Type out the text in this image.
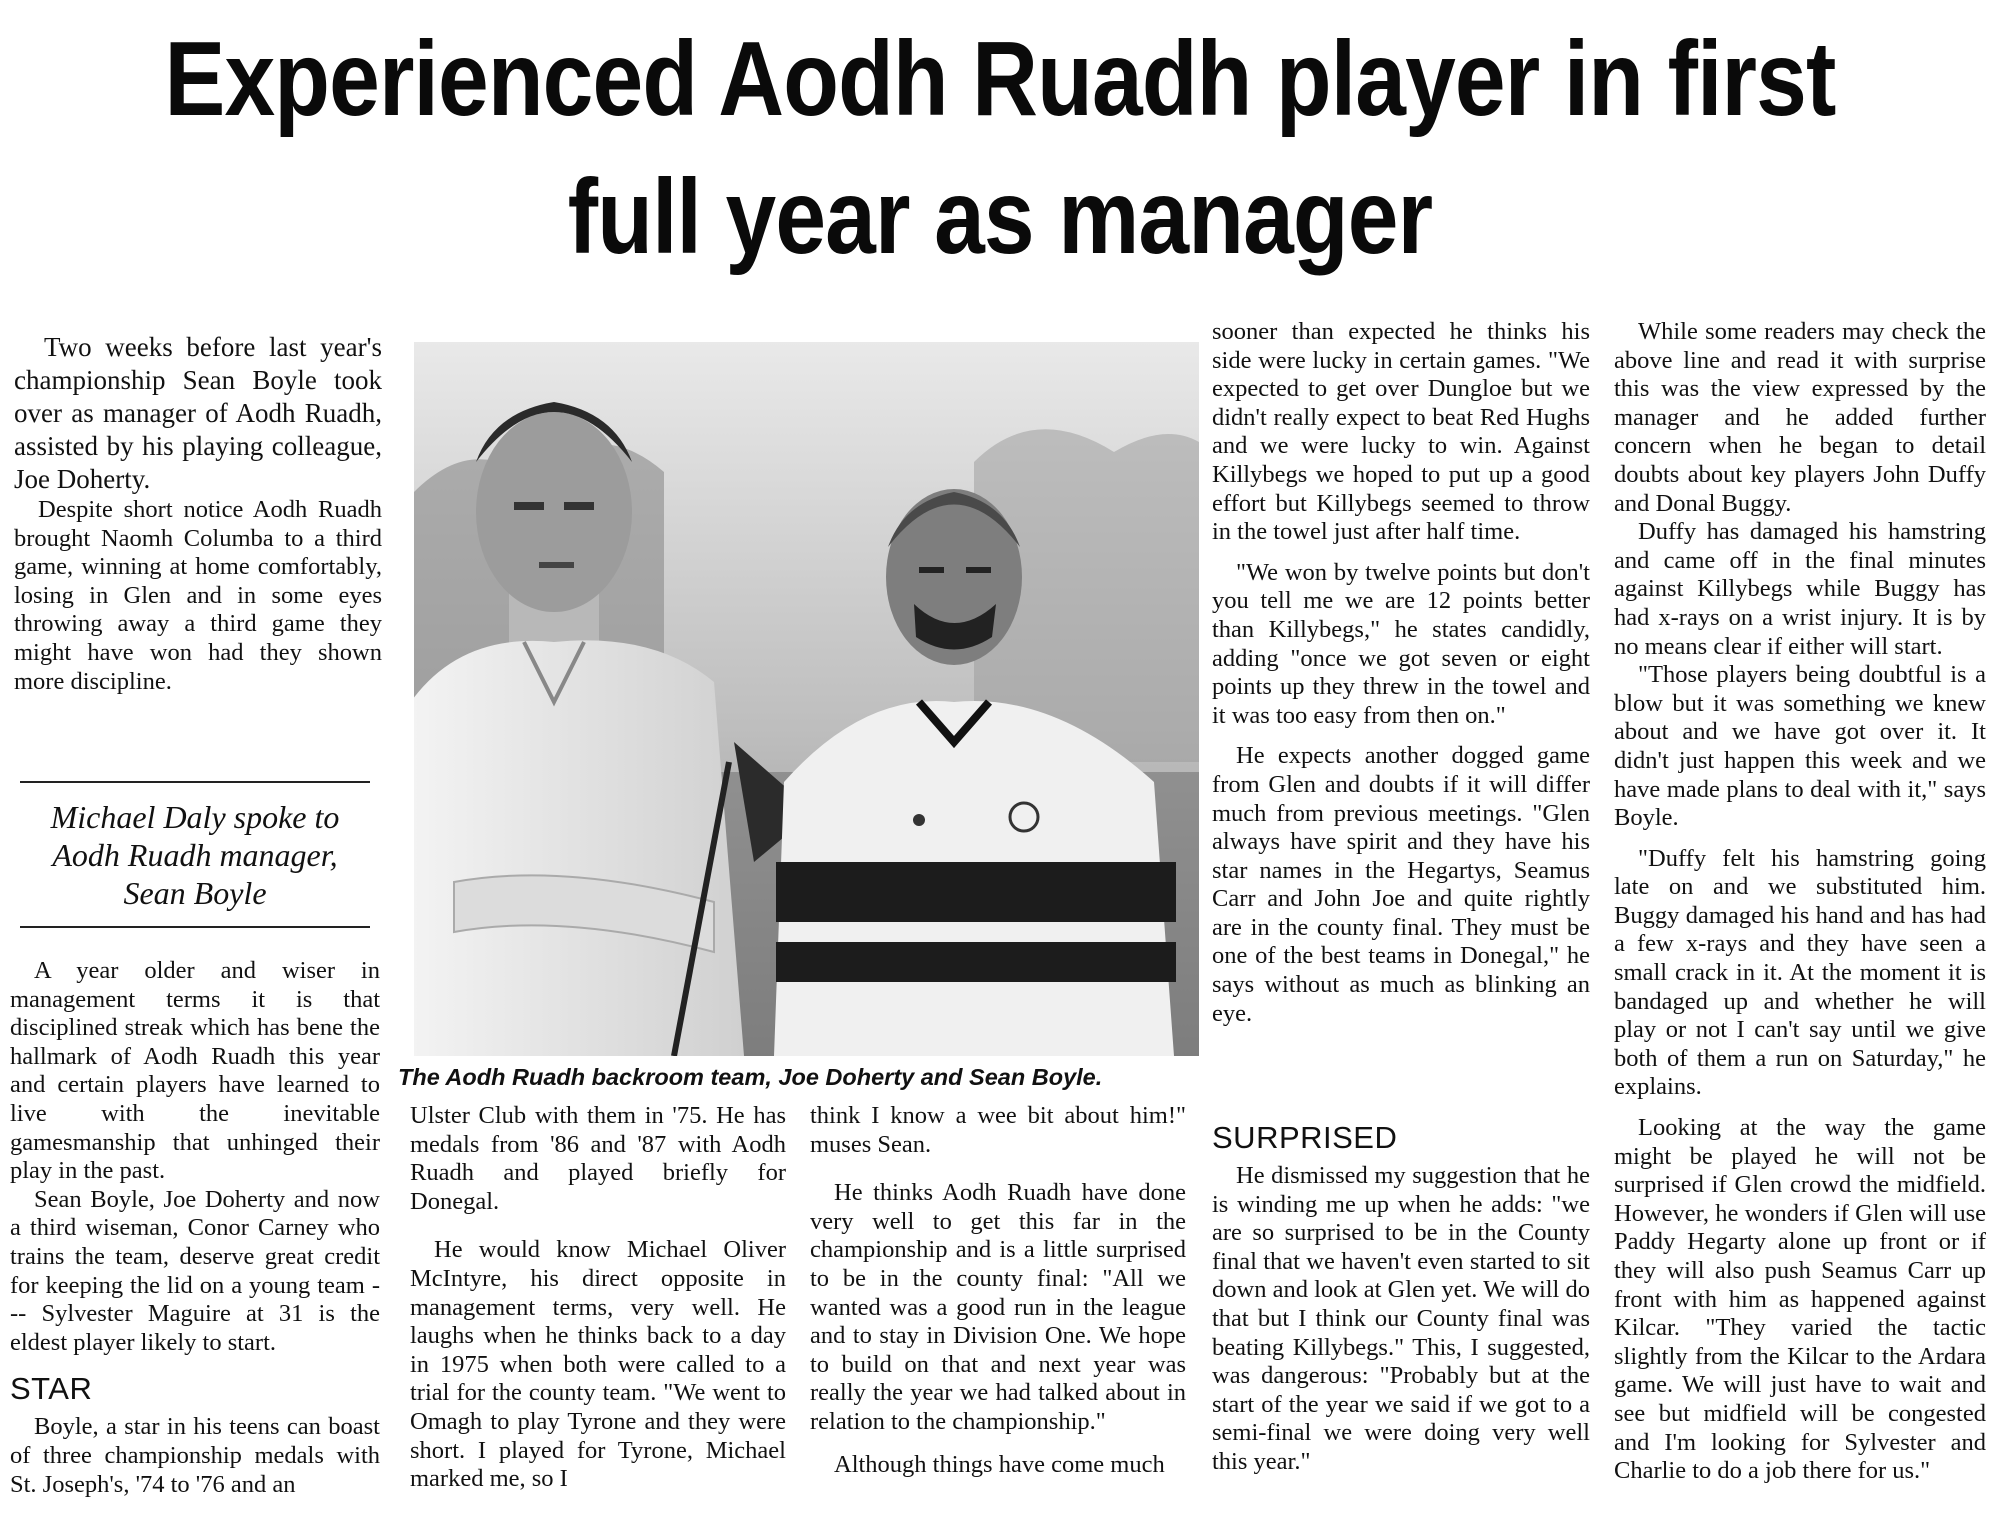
Experienced Aodh Ruadh player in first full year as manager

Two weeks before last year's championship Sean Boyle took over as manager of Aodh Ruadh, assisted by his playing colleague, Joe Doherty.

Despite short notice Aodh Ruadh brought Naomh Columba to a third game, winning at home comfortably, losing in Glen and in some eyes throwing away a third game they might have won had they shown more discipline.

Michael Daly spoke to Aodh Ruadh manager, Sean Boyle

A year older and wiser in management terms it is that disciplined streak which has bene the hallmark of Aodh Ruadh this year and certain players have learned to live with the inevitable gamesmanship that unhinged their play in the past.

Sean Boyle, Joe Doherty and now a third wiseman, Conor Carney who trains the team, deserve great credit for keeping the lid on a young team --- Sylvester Maguire at 31 is the eldest player likely to start.

STAR

Boyle, a star in his teens can boast of three championship medals with St. Joseph's, '74 to '76 and an

The Aodh Ruadh backroom team, Joe Doherty and Sean Boyle.

Ulster Club with them in '75. He has medals from '86 and '87 with Aodh Ruadh and played briefly for Donegal.

He would know Michael Oliver McIntyre, his direct opposite in management terms, very well. He laughs when he thinks back to a day in 1975 when both were called to a trial for the county team. "We went to Omagh to play Tyrone and they were short. I played for Tyrone, Michael marked me, so I

think I know a wee bit about him!" muses Sean.

He thinks Aodh Ruadh have done very well to get this far in the championship and is a little surprised to be in the county final: "All we wanted was a good run in the league and to stay in Division One. We hope to build on that and next year was really the year we had talked about in relation to the championship."

Although things have come much

sooner than expected he thinks his side were lucky in certain games. "We expected to get over Dungloe but we didn't really expect to beat Red Hughs and we were lucky to win. Against Killybegs we hoped to put up a good effort but Killybegs seemed to throw in the towel just after half time.

"We won by twelve points but don't you tell me we are 12 points better than Killybegs," he states candidly, adding "once we got seven or eight points up they threw in the towel and it was too easy from then on."

He expects another dogged game from Glen and doubts if it will differ much from previous meetings. "Glen always have spirit and they have his star names in the Hegartys, Seamus Carr and John Joe and quite rightly are in the county final. They must be one of the best teams in Donegal," he says without as much as blinking an eye.

SURPRISED

He dismissed my suggestion that he is winding me up when he adds: "we are so surprised to be in the County final that we haven't even started to sit down and look at Glen yet. We will do that but I think our County final was beating Killybegs." This, I suggested, was dangerous: "Probably but at the start of the year we said if we got to a semi-final we were doing very well this year."

While some readers may check the above line and read it with surprise this was the view expressed by the manager and he added further concern when he began to detail doubts about key players John Duffy and Donal Buggy.

Duffy has damaged his hamstring and came off in the final minutes against Killybegs while Buggy has had x-rays on a wrist injury. It is by no means clear if either will start.

"Those players being doubtful is a blow but it was something we knew about and we have got over it. It didn't just happen this week and we have made plans to deal with it," says Boyle.

"Duffy felt his hamstring going late on and we substituted him. Buggy damaged his hand and has had a few x-rays and they have seen a small crack in it. At the moment it is bandaged up and whether he will play or not I can't say until we give both of them a run on Saturday," he explains.

Looking at the way the game might be played he will not be surprised if Glen crowd the midfield. However, he wonders if Glen will use Paddy Hegarty alone up front or if they will also push Seamus Carr up front with him as happened against Kilcar. "They varied the tactic slightly from the Kilcar to the Ardara game. We will just have to wait and see but midfield will be congested and I'm looking for Sylvester and Charlie to do a job there for us."
